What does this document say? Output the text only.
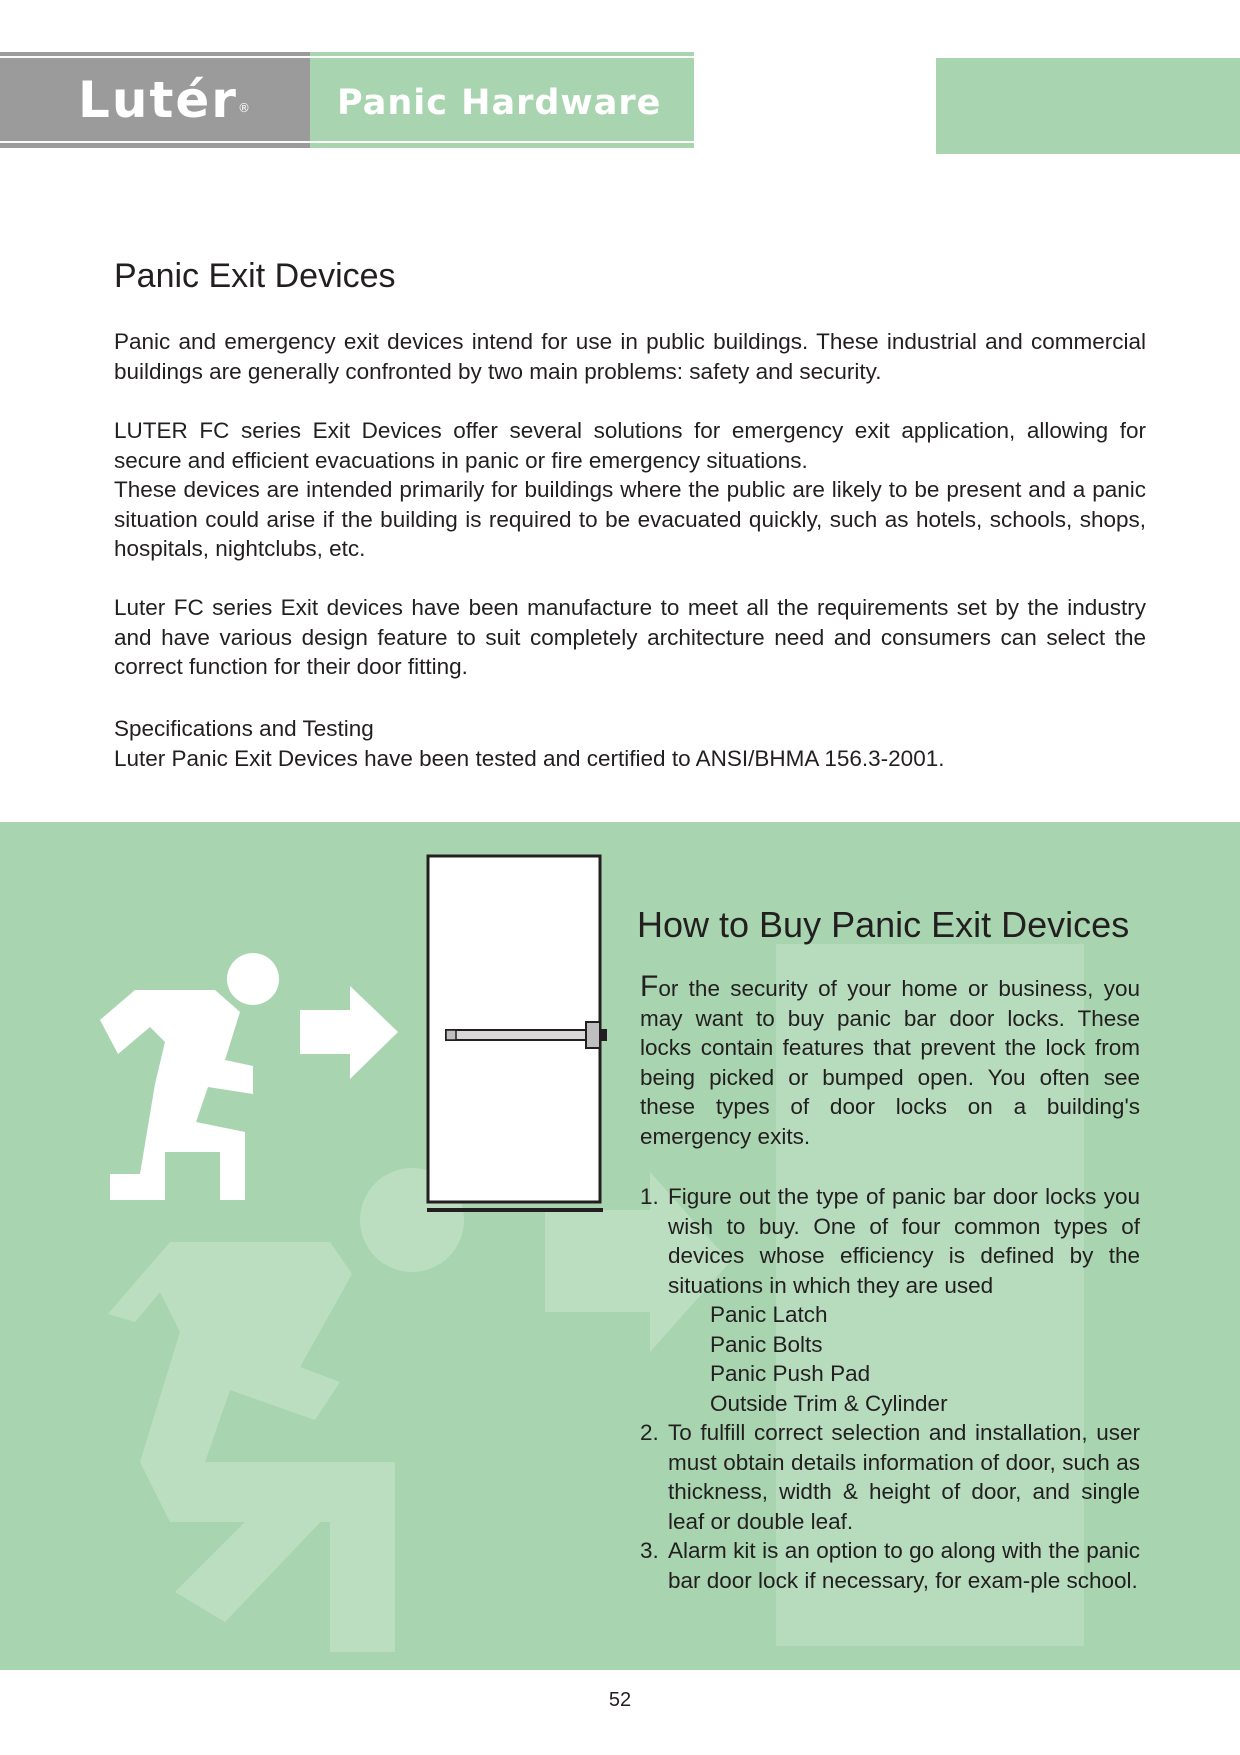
Lutér® Panic Hardware
Panic Exit Devices

Panic and emergency exit devices intend for use in public buildings. These industrial and commercial buildings are generally confronted by two main problems: safety and security.

LUTER FC series Exit Devices offer several solutions for emergency exit application, allowing for secure and efficient evacuations in panic or fire emergency situations.
These devices are intended primarily for buildings where the public are likely to be present and a panic situation could arise if the building is required to be evacuated quickly, such as hotels, schools, shops, hospitals, nightclubs, etc.

Luter FC series Exit devices have been manufacture to meet all the requirements set by the industry and have various design feature to suit completely architecture need and consumers can select the correct function for their door fitting.

Specifications and Testing
Luter Panic Exit Devices have been tested and certified to ANSI/BHMA 156.3-2001.
How to Buy Panic Exit Devices

For the security of your home or business, you may want to buy panic bar door locks. These locks contain features that prevent the lock from being picked or bumped open. You often see these types of door locks on a building's emergency exits.

1. Figure out the type of panic bar door locks you wish to buy. One of four common types of devices whose efficiency is defined by the situations in which they are used
Panic Latch
Panic Bolts
Panic Push Pad
Outside Trim & Cylinder
2. To fulfill correct selection and installation, user must obtain details information of door, such as thickness, width & height of door, and single leaf or double leaf.
3. Alarm kit is an option to go along with the panic bar door lock if necessary, for exam-ple school.
52
